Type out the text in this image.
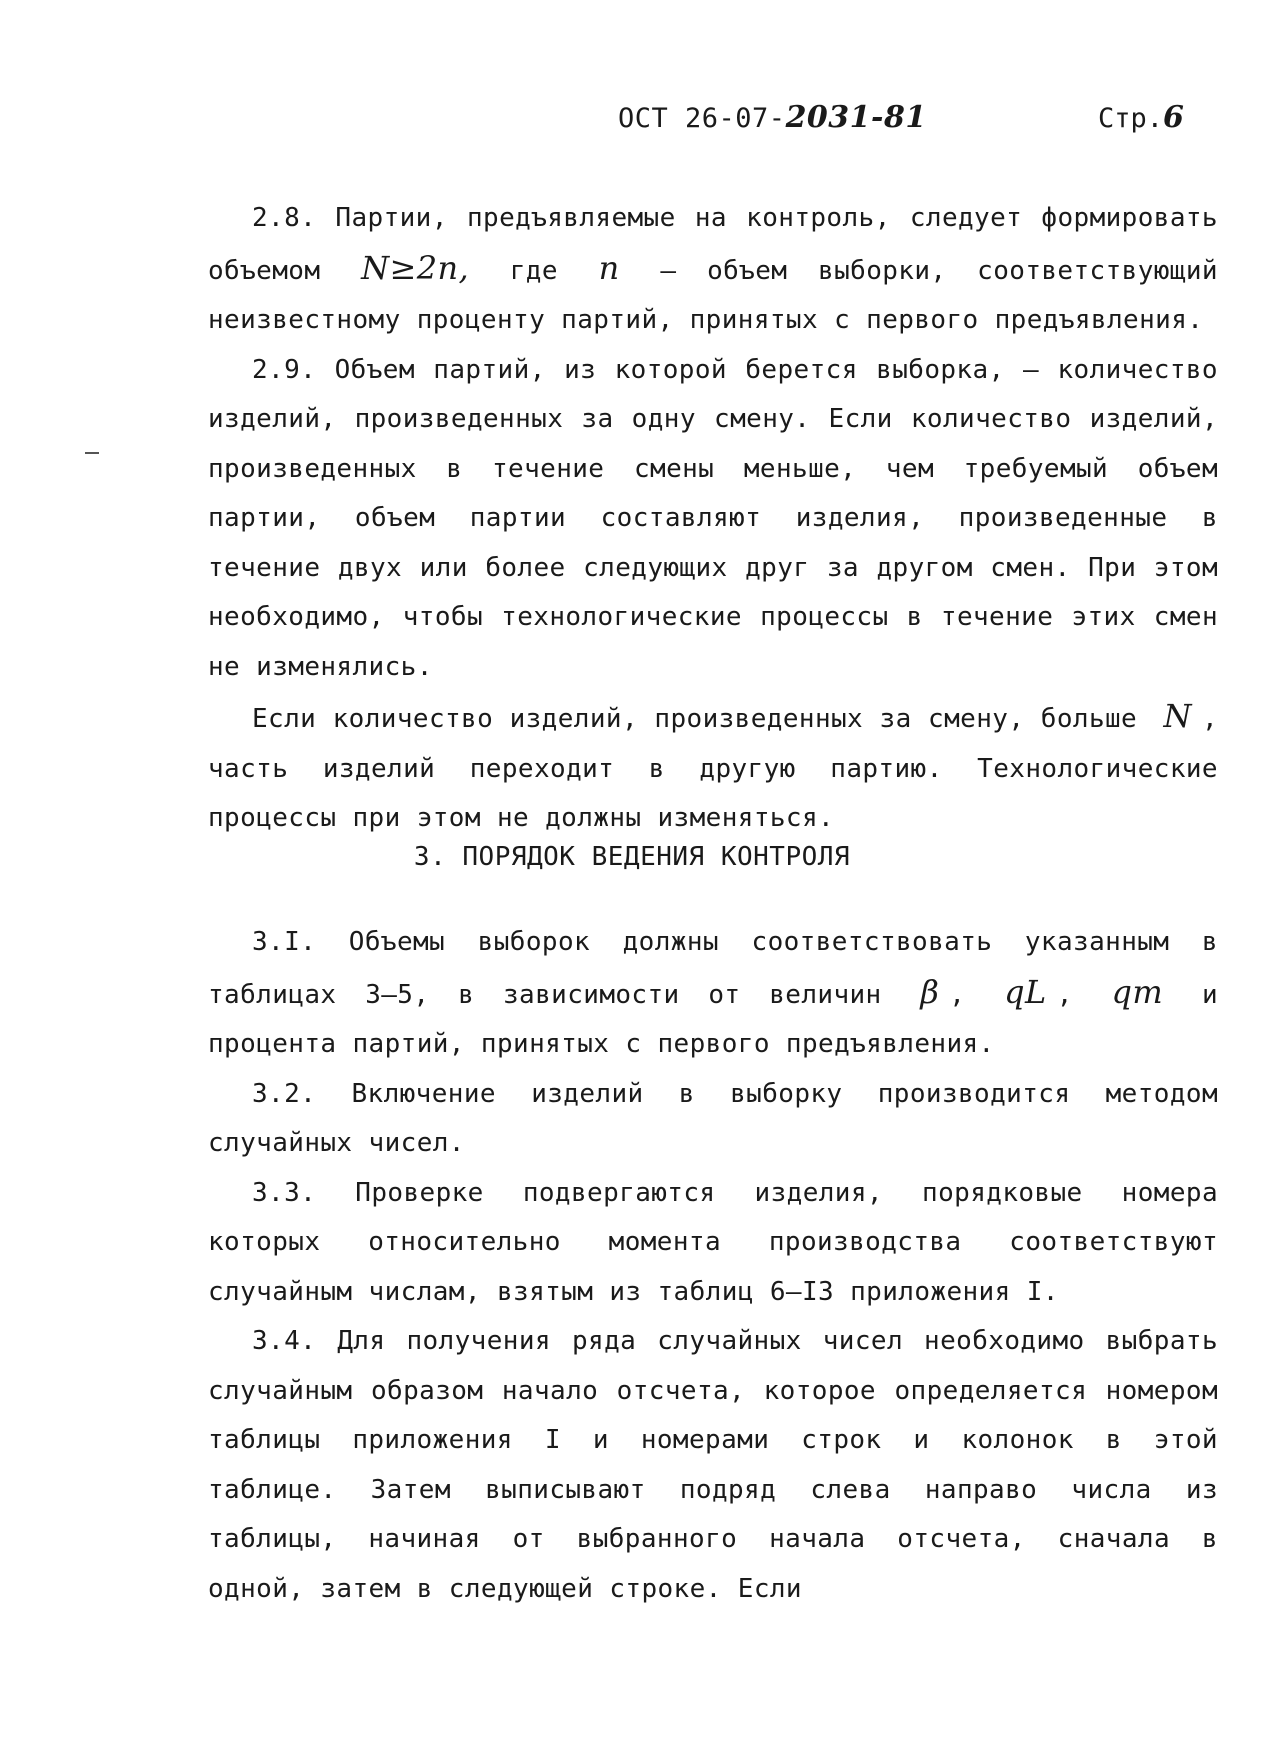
ОСТ 26-07-2031-81	Стр.6

2.8. Партии, предъявляемые на контроль, следует формировать объемом N≥2n, где n – объем выборки, соответствующий неизвестному проценту партий, принятых с первого предъявления.

2.9. Объем партий, из которой берется выборка, – количество изделий, произведенных за одну смену. Если количество изделий, произведенных в течение смены меньше, чем требуемый объем партии, объем партии составляют изделия, произведенные в течение двух или более следующих друг за другом смен. При этом необходимо, чтобы технологические процессы в течение этих смен не изменялись.

Если количество изделий, произведенных за смену, больше N , часть изделий переходит в другую партию. Технологические процессы при этом не должны изменяться.

3. ПОРЯДОК ВЕДЕНИЯ КОНТРОЛЯ

3.I. Объемы выборок должны соответствовать указанным в таблицах 3–5, в зависимости от величин β , qL , qm и процента партий, принятых с первого предъявления.

3.2. Включение изделий в выборку производится методом случайных чисел.

3.3. Проверке подвергаются изделия, порядковые номера которых относительно момента производства соответствуют случайным числам, взятым из таблиц 6–I3 приложения I.

3.4. Для получения ряда случайных чисел необходимо выбрать случайным образом начало отсчета, которое определяется номером таблицы приложения I и номерами строк и колонок в этой таблице. Затем выписывают подряд слева направо числа из таблицы, начиная от выбранного начала отсчета, сначала в одной, затем в следующей строке. Если
